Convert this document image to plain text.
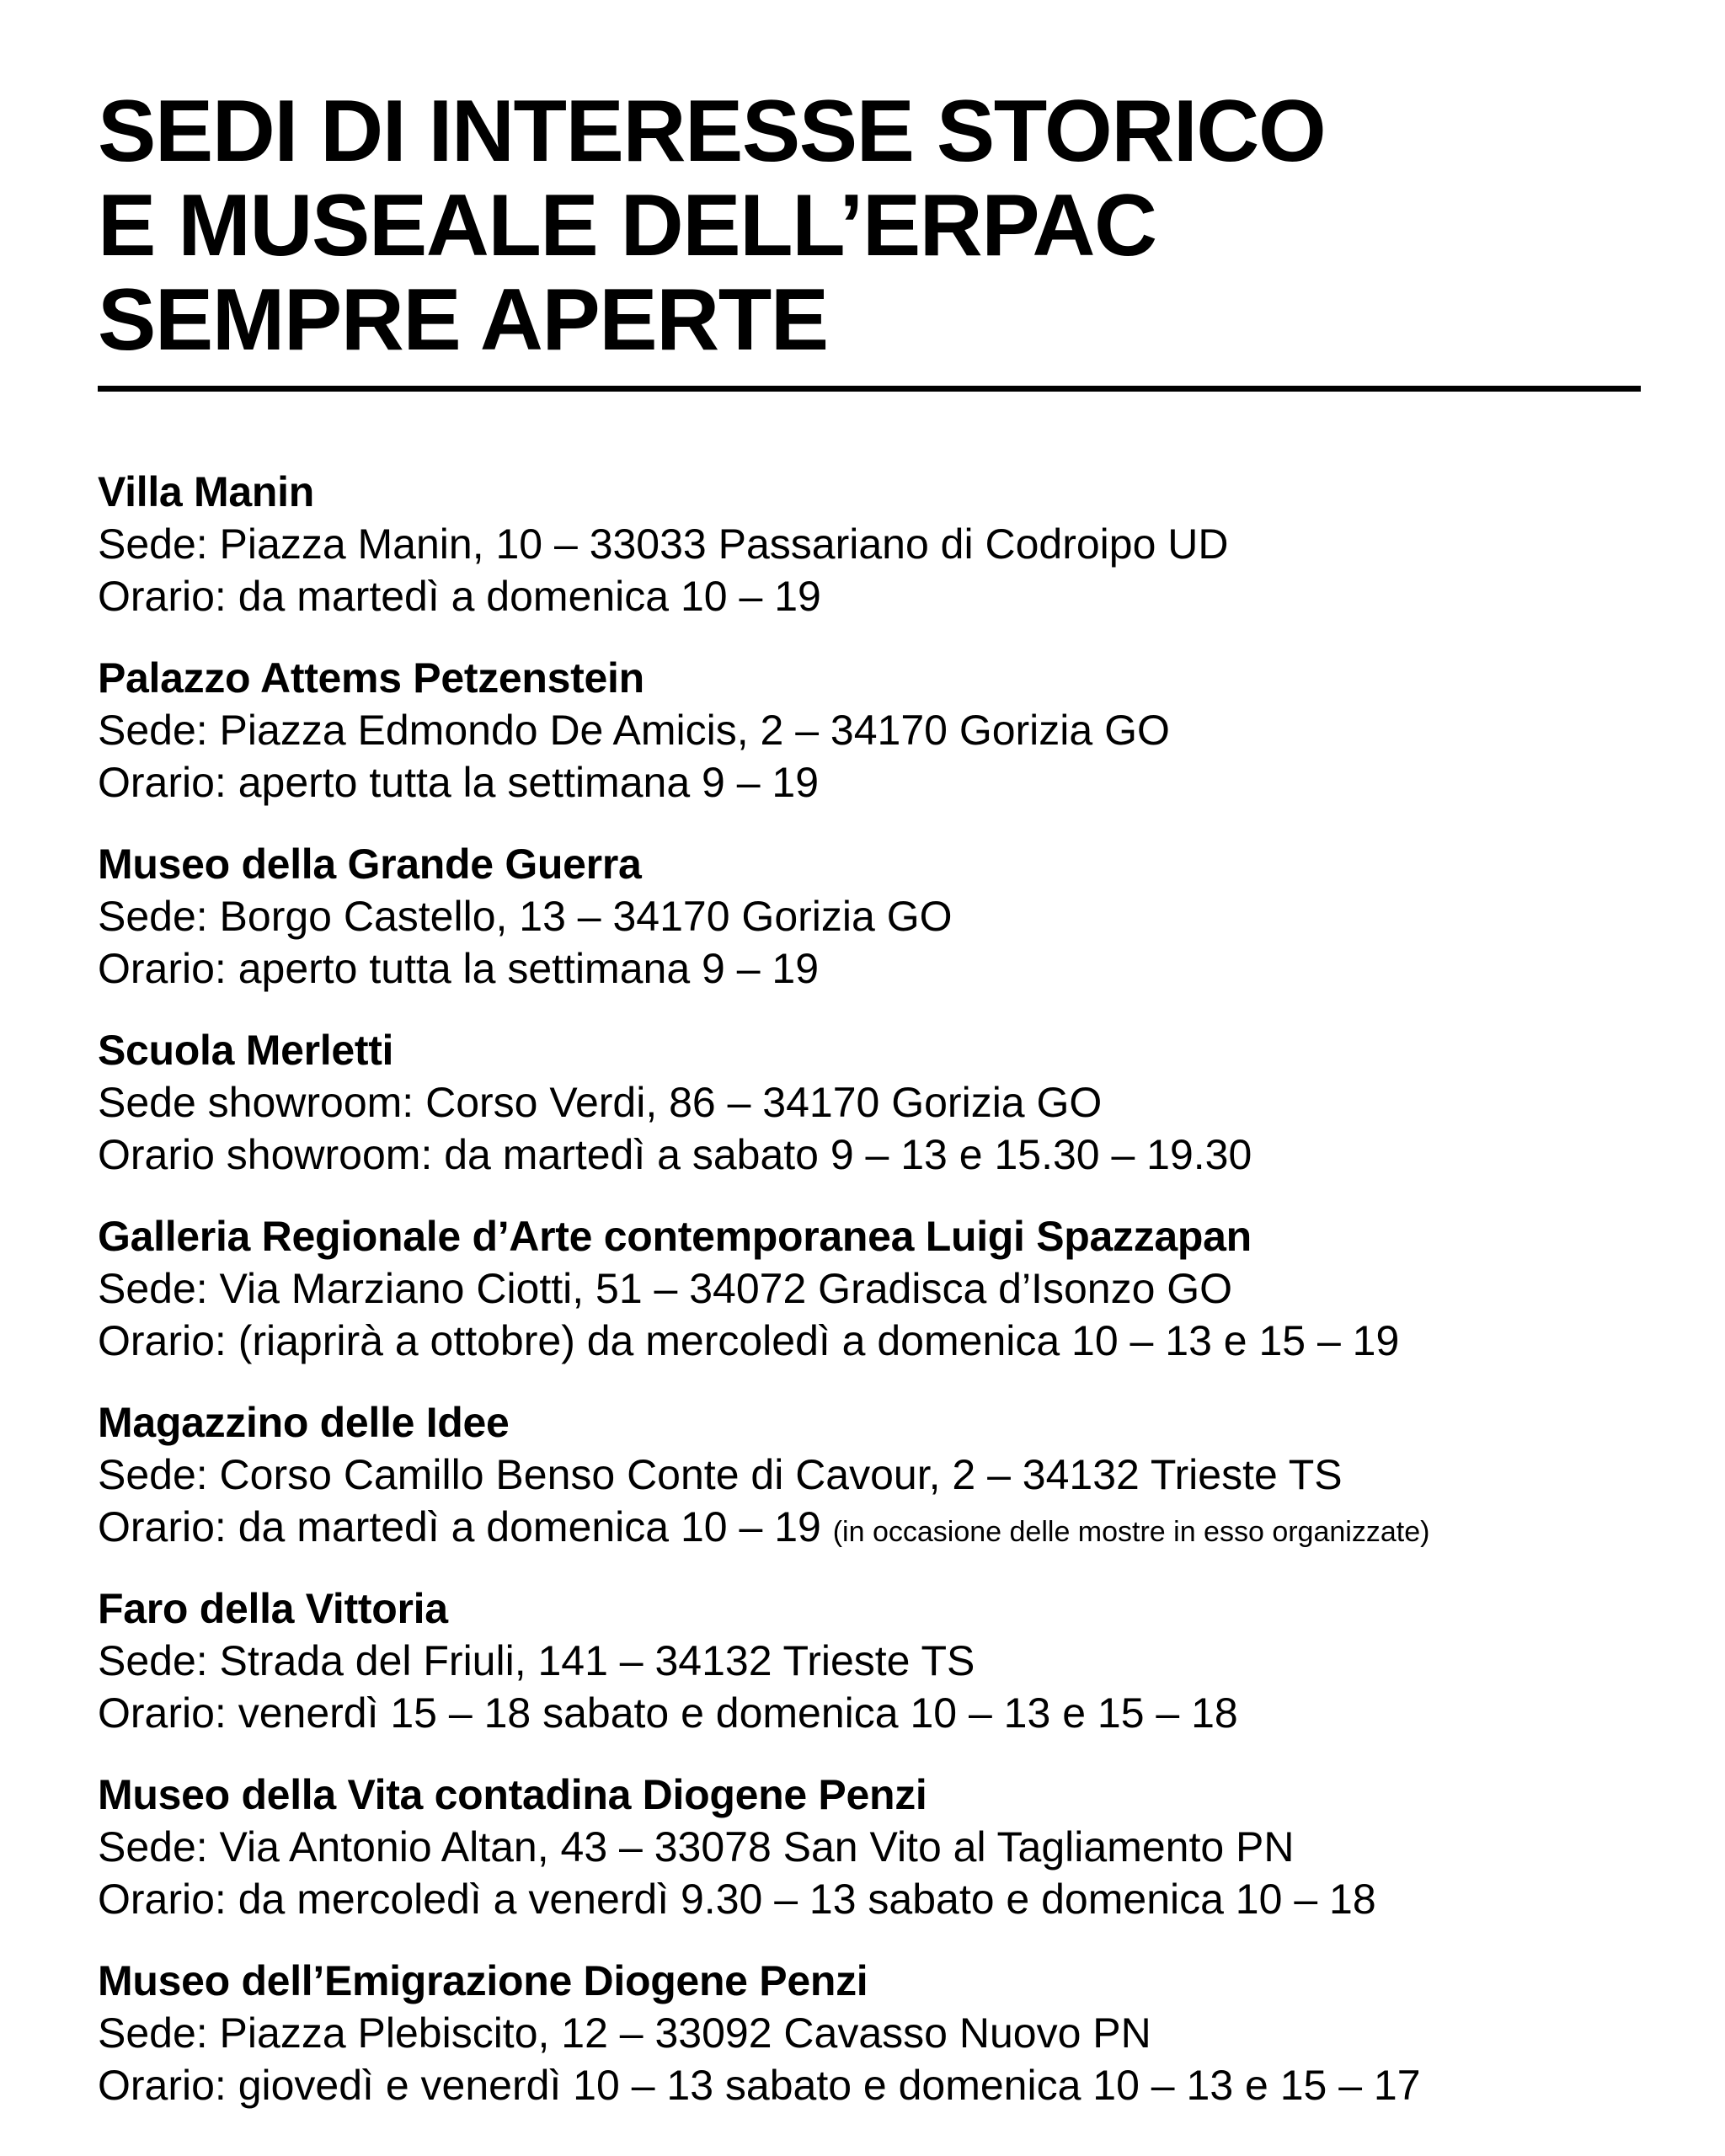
SEDI DI INTERESSE STORICO
E MUSEALE DELL’ERPAC
SEMPRE APERTE
Villa Manin
Sede: Piazza Manin, 10 – 33033 Passariano di Codroipo UD
Orario: da martedì a domenica 10 – 19
Palazzo Attems Petzenstein
Sede: Piazza Edmondo De Amicis, 2 – 34170 Gorizia GO
Orario: aperto tutta la settimana 9 – 19
Museo della Grande Guerra
Sede: Borgo Castello, 13 – 34170 Gorizia GO
Orario: aperto tutta la settimana 9 – 19
Scuola Merletti
Sede showroom: Corso Verdi, 86 – 34170 Gorizia GO
Orario showroom: da martedì a sabato 9 – 13 e 15.30 – 19.30
Galleria Regionale d’Arte contemporanea Luigi Spazzapan
Sede: Via Marziano Ciotti, 51 – 34072 Gradisca d’Isonzo GO
Orario: (riaprirà a ottobre) da mercoledì a domenica 10 – 13 e 15 – 19
Magazzino delle Idee
Sede: Corso Camillo Benso Conte di Cavour, 2 – 34132 Trieste TS
Orario: da martedì a domenica 10 – 19 (in occasione delle mostre in esso organizzate)
Faro della Vittoria
Sede: Strada del Friuli, 141 – 34132 Trieste TS
Orario: venerdì 15 – 18 sabato e domenica 10 – 13 e 15 – 18
Museo della Vita contadina Diogene Penzi
Sede: Via Antonio Altan, 43 – 33078 San Vito al Tagliamento PN
Orario: da mercoledì a venerdì 9.30 – 13 sabato e domenica 10 – 18
Museo dell’Emigrazione Diogene Penzi
Sede: Piazza Plebiscito, 12 – 33092 Cavasso Nuovo PN
Orario: giovedì e venerdì 10 – 13 sabato e domenica 10 – 13 e 15 – 17
